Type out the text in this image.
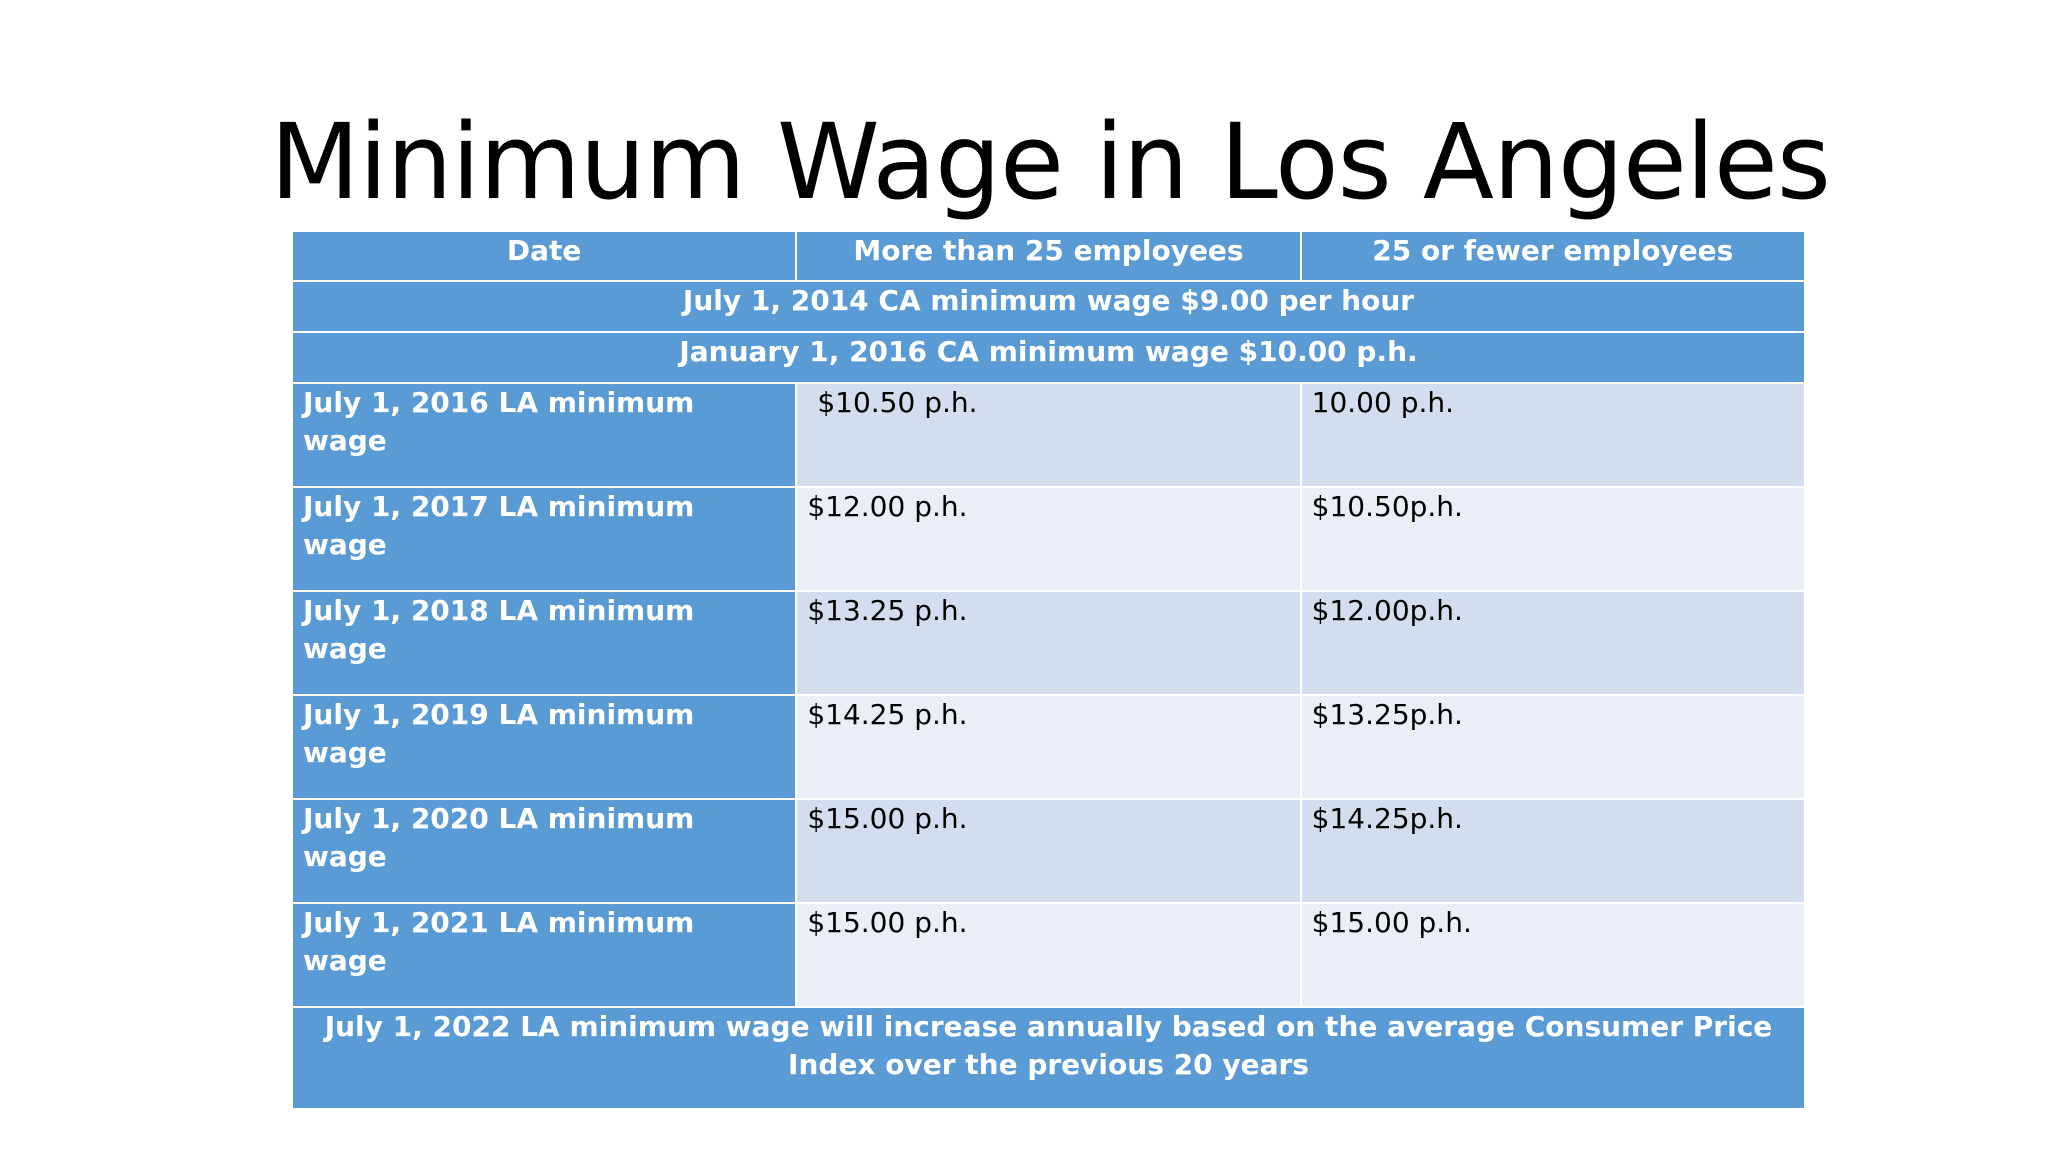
Minimum Wage in Los Angeles
Date	More than 25 employees	25 or fewer employees
July 1, 2014 CA minimum wage $9.00 per hour		
January 1, 2016 CA minimum wage $10.00 p.h.		
July 1, 2016 LA minimum wage	$10.50 p.h.	10.00 p.h.
July 1, 2017 LA minimum wage	$12.00 p.h.	$10.50p.h.
July 1, 2018 LA minimum wage	$13.25 p.h.	$12.00p.h.
July 1, 2019 LA minimum wage	$14.25 p.h.	$13.25p.h.
July 1, 2020 LA minimum wage	$15.00 p.h.	$14.25p.h.
July 1, 2021 LA minimum wage	$15.00 p.h.	$15.00 p.h.
July 1, 2022 LA minimum wage will increase annually based on the average Consumer Price Index over the previous 20 years		
